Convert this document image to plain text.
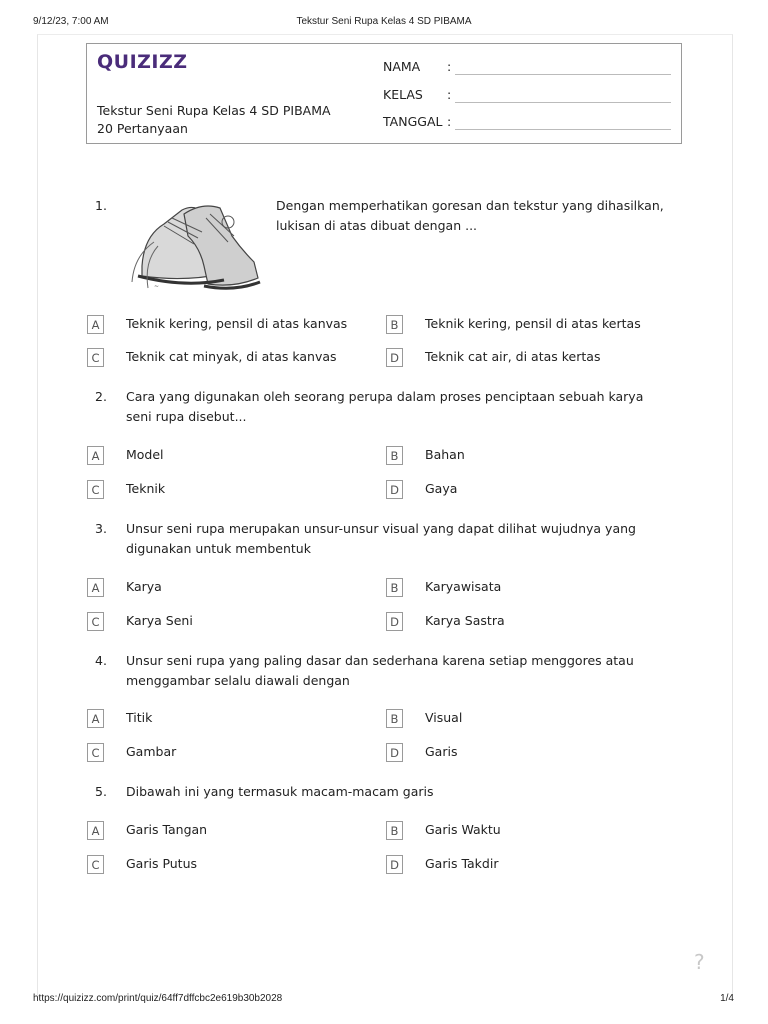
9/12/23, 7:00 AM	Tekstur Seni Rupa Kelas 4 SD PIBAMA
QUIZIZZ
Tekstur Seni Rupa Kelas 4 SD PIBAMA
20 Pertanyaan
NAMA :
KELAS :
TANGGAL :
1.
~
Dengan memperhatikan goresan dan tekstur yang dihasilkan, lukisan di atas dibuat dengan ...
A	Teknik kering, pensil di atas kanvas	B	Teknik kering, pensil di atas kertas
C	Teknik cat minyak, di atas kanvas	D	Teknik cat air, di atas kertas
2. Cara yang digunakan oleh seorang perupa dalam proses penciptaan sebuah karya seni rupa disebut...
A	Model	B	Bahan
C	Teknik	D	Gaya
3. Unsur seni rupa merupakan unsur-unsur visual yang dapat dilihat wujudnya yang digunakan untuk membentuk
A	Karya	B	Karyawisata
C	Karya Seni	D	Karya Sastra
4. Unsur seni rupa yang paling dasar dan sederhana karena setiap menggores atau menggambar selalu diawali dengan
A	Titik	B	Visual
C	Gambar	D	Garis
5. Dibawah ini yang termasuk macam-macam garis
A	Garis Tangan	B	Garis Waktu
C	Garis Putus	D	Garis Takdir
?
https://quizizz.com/print/quiz/64ff7dffcbc2e619b30b2028	1/4
